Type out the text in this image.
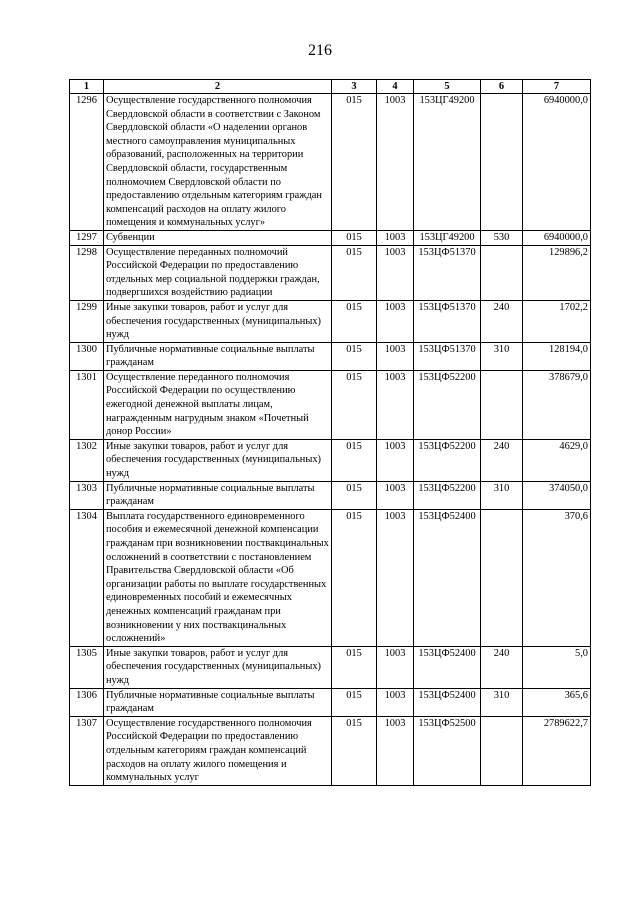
216
1	2	3	4	5	6	7
1296	Осуществление государственного полномочия Свердловской области в соответствии с Законом Свердловской области «О наделении органов местного самоуправления муниципальных образований, расположенных на территории Свердловской области, государственным полномочием Свердловской области по предоставлению отдельным категориям граждан компенсаций расходов на оплату жилого помещения и коммунальных услуг»	015	1003	153ЦГ49200		6940000,0
1297	Субвенции	015	1003	153ЦГ49200	530	6940000,0
1298	Осуществление переданных полномочий Российской Федерации по предоставлению отдельных мер социальной поддержки граждан, подвергшихся воздействию радиации	015	1003	153ЦФ51370		129896,2
1299	Иные закупки товаров, работ и услуг для обеспечения государственных (муниципальных) нужд	015	1003	153ЦФ51370	240	1702,2
1300	Публичные нормативные социальные выплаты гражданам	015	1003	153ЦФ51370	310	128194,0
1301	Осуществление переданного полномочия Российской Федерации по осуществлению ежегодной денежной выплаты лицам, награжденным нагрудным знаком «Почетный донор России»	015	1003	153ЦФ52200		378679,0
1302	Иные закупки товаров, работ и услуг для обеспечения государственных (муниципальных) нужд	015	1003	153ЦФ52200	240	4629,0
1303	Публичные нормативные социальные выплаты гражданам	015	1003	153ЦФ52200	310	374050,0
1304	Выплата государственного единовременного пособия и ежемесячной денежной компенсации гражданам при возникновении поствакцинальных осложнений в соответствии с постановлением Правительства Свердловской области «Об организации работы по выплате государственных единовременных пособий и ежемесячных денежных компенсаций гражданам при возникновении у них поствакцинальных осложнений»	015	1003	153ЦФ52400		370,6
1305	Иные закупки товаров, работ и услуг для обеспечения государственных (муниципальных) нужд	015	1003	153ЦФ52400	240	5,0
1306	Публичные нормативные социальные выплаты гражданам	015	1003	153ЦФ52400	310	365,6
1307	Осуществление государственного полномочия Российской Федерации по предоставлению отдельным категориям граждан компенсаций расходов на оплату жилого помещения и коммунальных услуг	015	1003	153ЦФ52500		2789622,7
